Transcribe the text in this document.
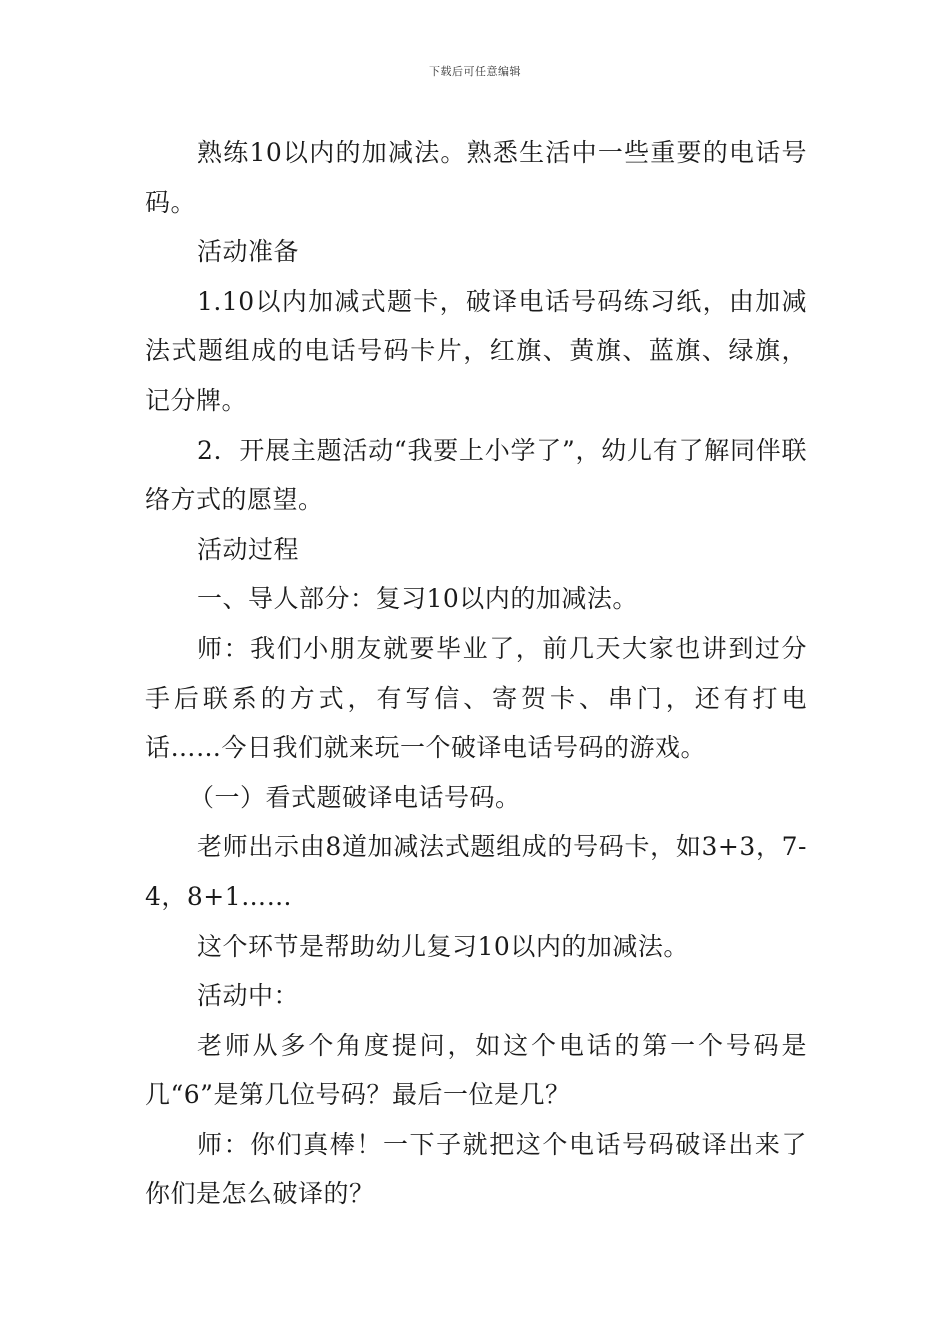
下载后可任意编辑

熟练10以内的加减法。熟悉生活中一些重要的电话号码。

活动准备

1.10以内加减式题卡，破译电话号码练习纸，由加减法式题组成的电话号码卡片，红旗、黄旗、蓝旗、绿旗，记分牌。

2．开展主题活动“我要上小学了”，幼儿有了解同伴联络方式的愿望。

活动过程

一、导人部分：复习10以内的加减法。

师：我们小朋友就要毕业了，前几天大家也讲到过分手后联系的方式，有写信、寄贺卡、串门，还有打电话……今日我们就来玩一个破译电话号码的游戏。

（一）看式题破译电话号码。

老师出示由8道加减法式题组成的号码卡，如3+3，7-4，8+1……

这个环节是帮助幼儿复习10以内的加减法。

活动中：

老师从多个角度提问，如这个电话的第一个号码是几“6”是第几位号码？最后一位是几？

师：你们真棒！一下子就把这个电话号码破译出来了你们是怎么破译的？
